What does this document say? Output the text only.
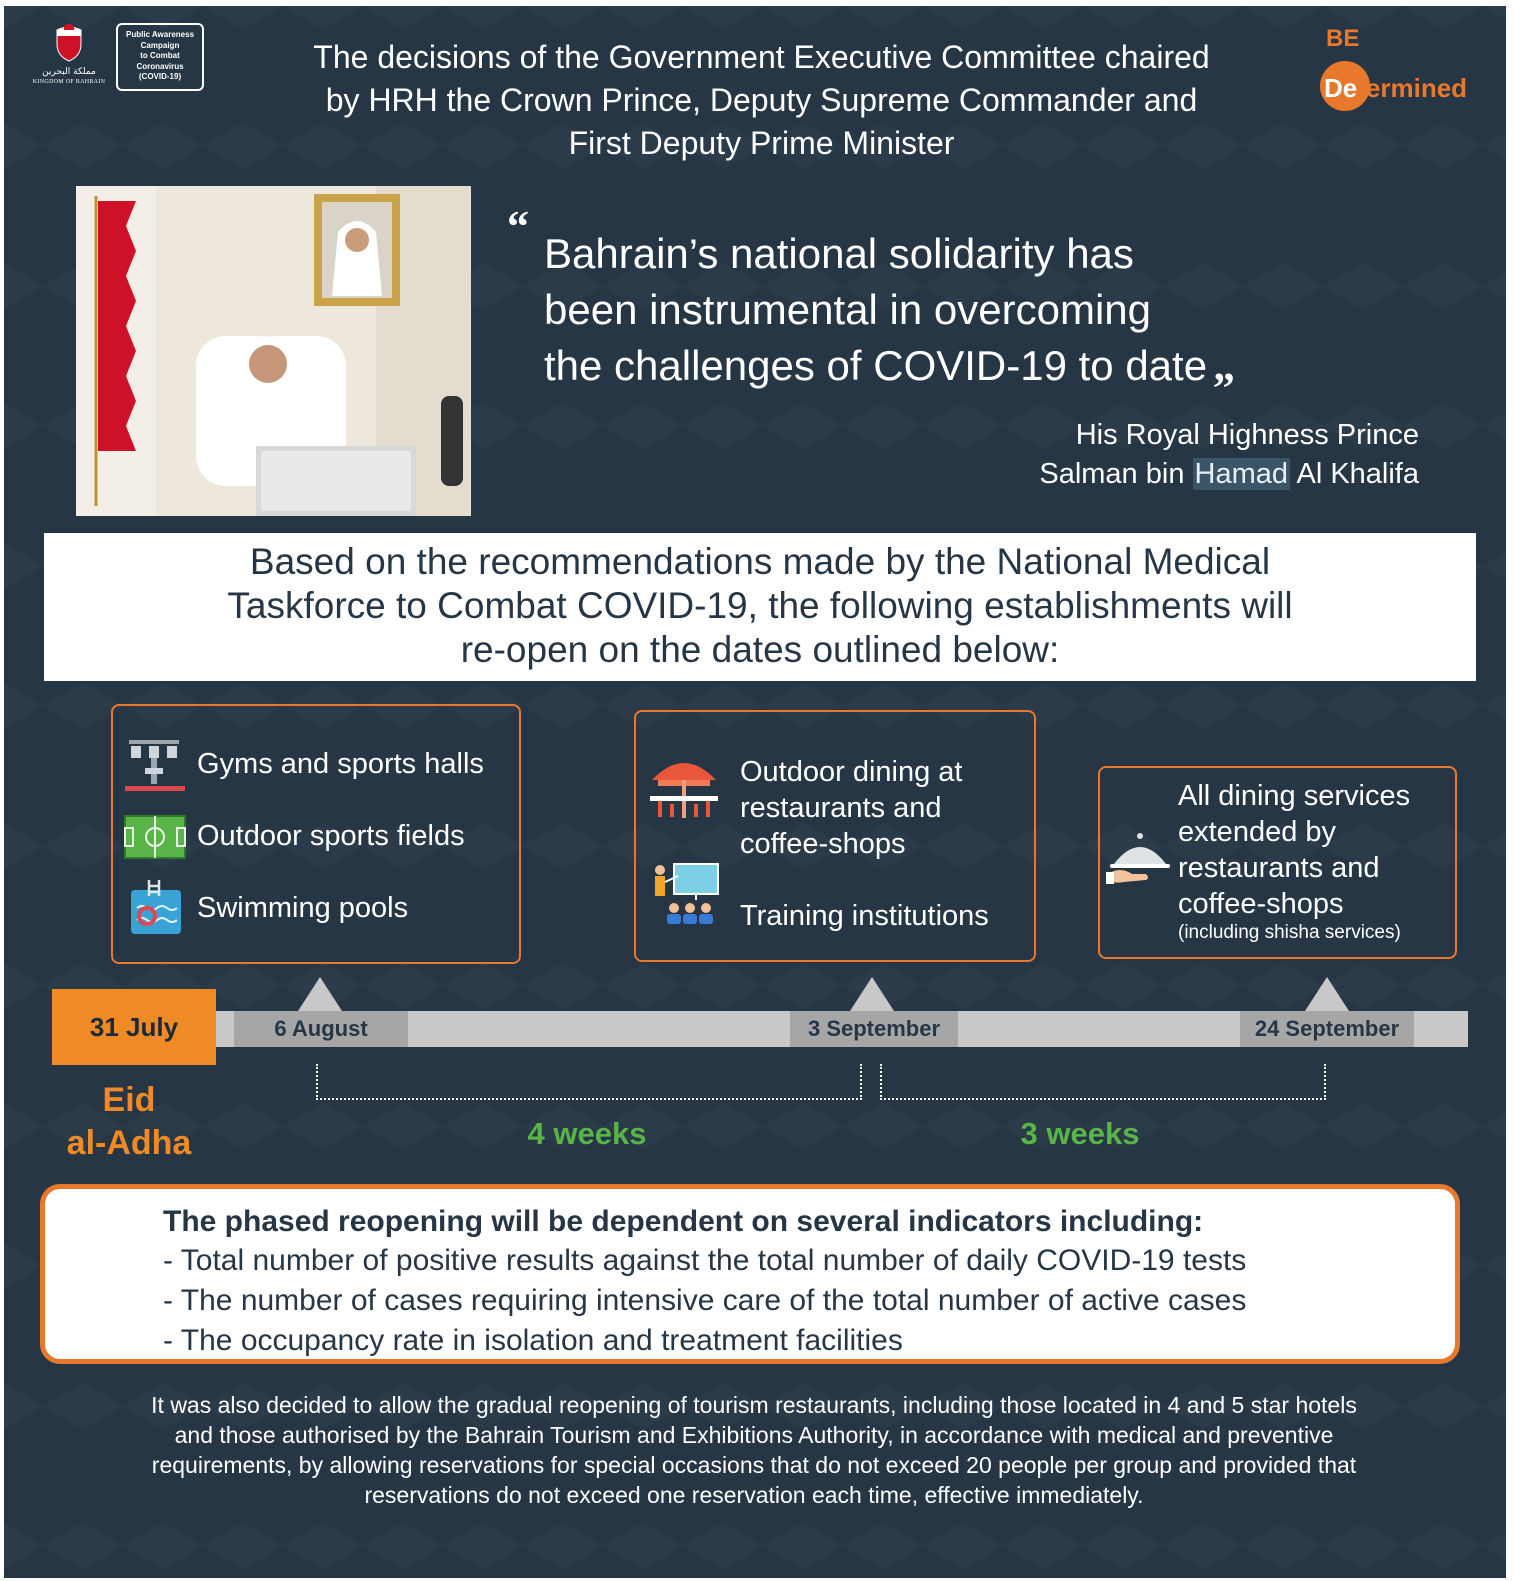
مملكة البحرين
KINGDOM OF BAHRAIN
Public Awareness
Campaign
to Combat
Coronavirus
(COVID-19)
The decisions of the Government Executive Committee chaired
by HRH the Crown Prince, Deputy Supreme Commander and
First Deputy Prime Minister
BE
Determined
“
Bahrain’s national solidarity has
been instrumental in overcoming
the challenges of COVID-19 to date „
His Royal Highness Prince
Salman bin Hamad Al Khalifa
Based on the recommendations made by the National Medical
Taskforce to Combat COVID-19, the following establishments will
re-open on the dates outlined below:
Gyms and sports halls
Outdoor sports fields
Swimming pools
Outdoor dining at
restaurants and
coffee-shops
Training institutions
All dining services
extended by
restaurants and
coffee-shops
(including shisha services)
6 August	3 September	24 September
31 July
Eid
al-Adha	4 weeks	3 weeks
The phased reopening will be dependent on several indicators including:
- Total number of positive results against the total number of daily COVID-19 tests
- The number of cases requiring intensive care of the total number of active cases
- The occupancy rate in isolation and treatment facilities
It was also decided to allow the gradual reopening of tourism restaurants, including those located in 4 and 5 star hotels
and those authorised by the Bahrain Tourism and Exhibitions Authority, in accordance with medical and preventive
requirements, by allowing reservations for special occasions that do not exceed 20 people per group and provided that
reservations do not exceed one reservation each time, effective immediately.
